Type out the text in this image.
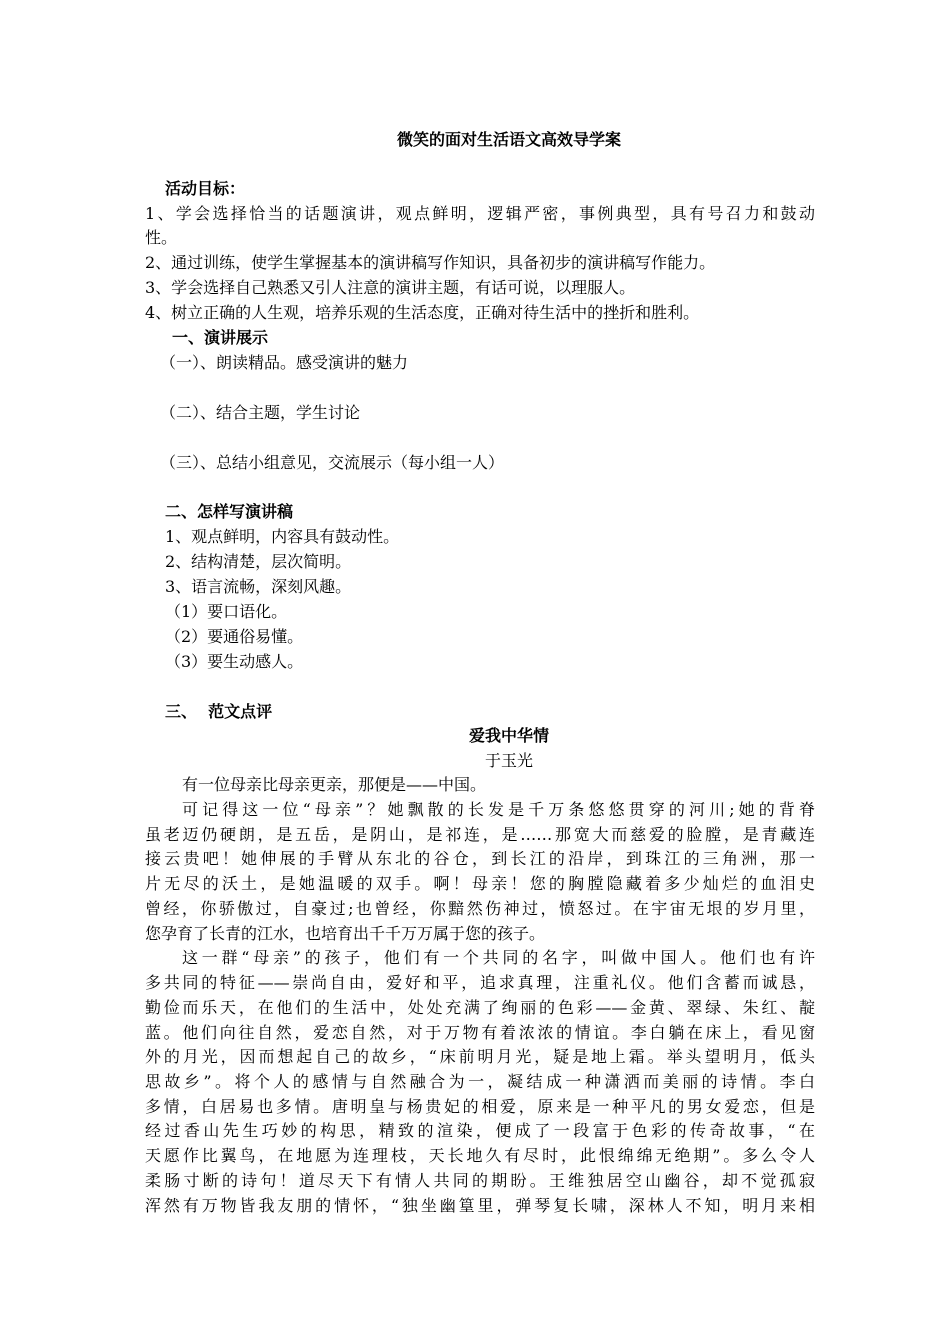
微笑的面对生活语文高效导学案
活动目标：
1、学会选择恰当的话题演讲，观点鲜明，逻辑严密，事例典型，具有号召力和鼓动
性。
2、通过训练，使学生掌握基本的演讲稿写作知识，具备初步的演讲稿写作能力。
3、学会选择自己熟悉又引人注意的演讲主题，有话可说，以理服人。
4、树立正确的人生观，培养乐观的生活态度，正确对待生活中的挫折和胜利。
一、演讲展示
（一）、朗读精品。感受演讲的魅力
（二）、结合主题，学生讨论
（三）、总结小组意见，交流展示（每小组一人）
二、怎样写演讲稿
1、观点鲜明，内容具有鼓动性。
2、结构清楚，层次简明。
3、语言流畅，深刻风趣。
（1）要口语化。
（2）要通俗易懂。
（3）要生动感人。
三、  范文点评
爱我中华情
于玉光
有一位母亲比母亲更亲，那便是——中国。
可记得这一位“母亲”？她飘散的长发是千万条悠悠贯穿的河川;她的背脊
虽老迈仍硬朗，是五岳，是阴山，是祁连，是……那宽大而慈爱的脸膛，是青藏连
接云贵吧！她伸展的手臂从东北的谷仓，到长江的沿岸，到珠江的三角洲，那一
片无尽的沃土，是她温暖的双手。啊！母亲！您的胸膛隐藏着多少灿烂的血泪史
曾经，你骄傲过，自豪过;也曾经，你黯然伤神过，愤怒过。在宇宙无垠的岁月里，
您孕育了长青的江水，也培育出千千万万属于您的孩子。
这一群“母亲”的孩子，他们有一个共同的名字，叫做中国人。他们也有许
多共同的特征——崇尚自由，爱好和平，追求真理，注重礼仪。他们含蓄而诚恳，
勤俭而乐天，在他们的生活中，处处充满了绚丽的色彩——金黄、翠绿、朱红、靛
蓝。他们向往自然，爱恋自然，对于万物有着浓浓的情谊。李白躺在床上，看见窗
外的月光，因而想起自己的故乡，“床前明月光，疑是地上霜。举头望明月，低头
思故乡”。将个人的感情与自然融合为一，凝结成一种潇洒而美丽的诗情。李白
多情，白居易也多情。唐明皇与杨贵妃的相爱，原来是一种平凡的男女爱恋，但是
经过香山先生巧妙的构思，精致的渲染，便成了一段富于色彩的传奇故事，“在
天愿作比翼鸟，在地愿为连理枝，天长地久有尽时，此恨绵绵无绝期”。多么令人
柔肠寸断的诗句！道尽天下有情人共同的期盼。王维独居空山幽谷，却不觉孤寂
浑然有万物皆我友朋的情怀，“独坐幽篁里，弹琴复长啸，深林人不知，明月来相
